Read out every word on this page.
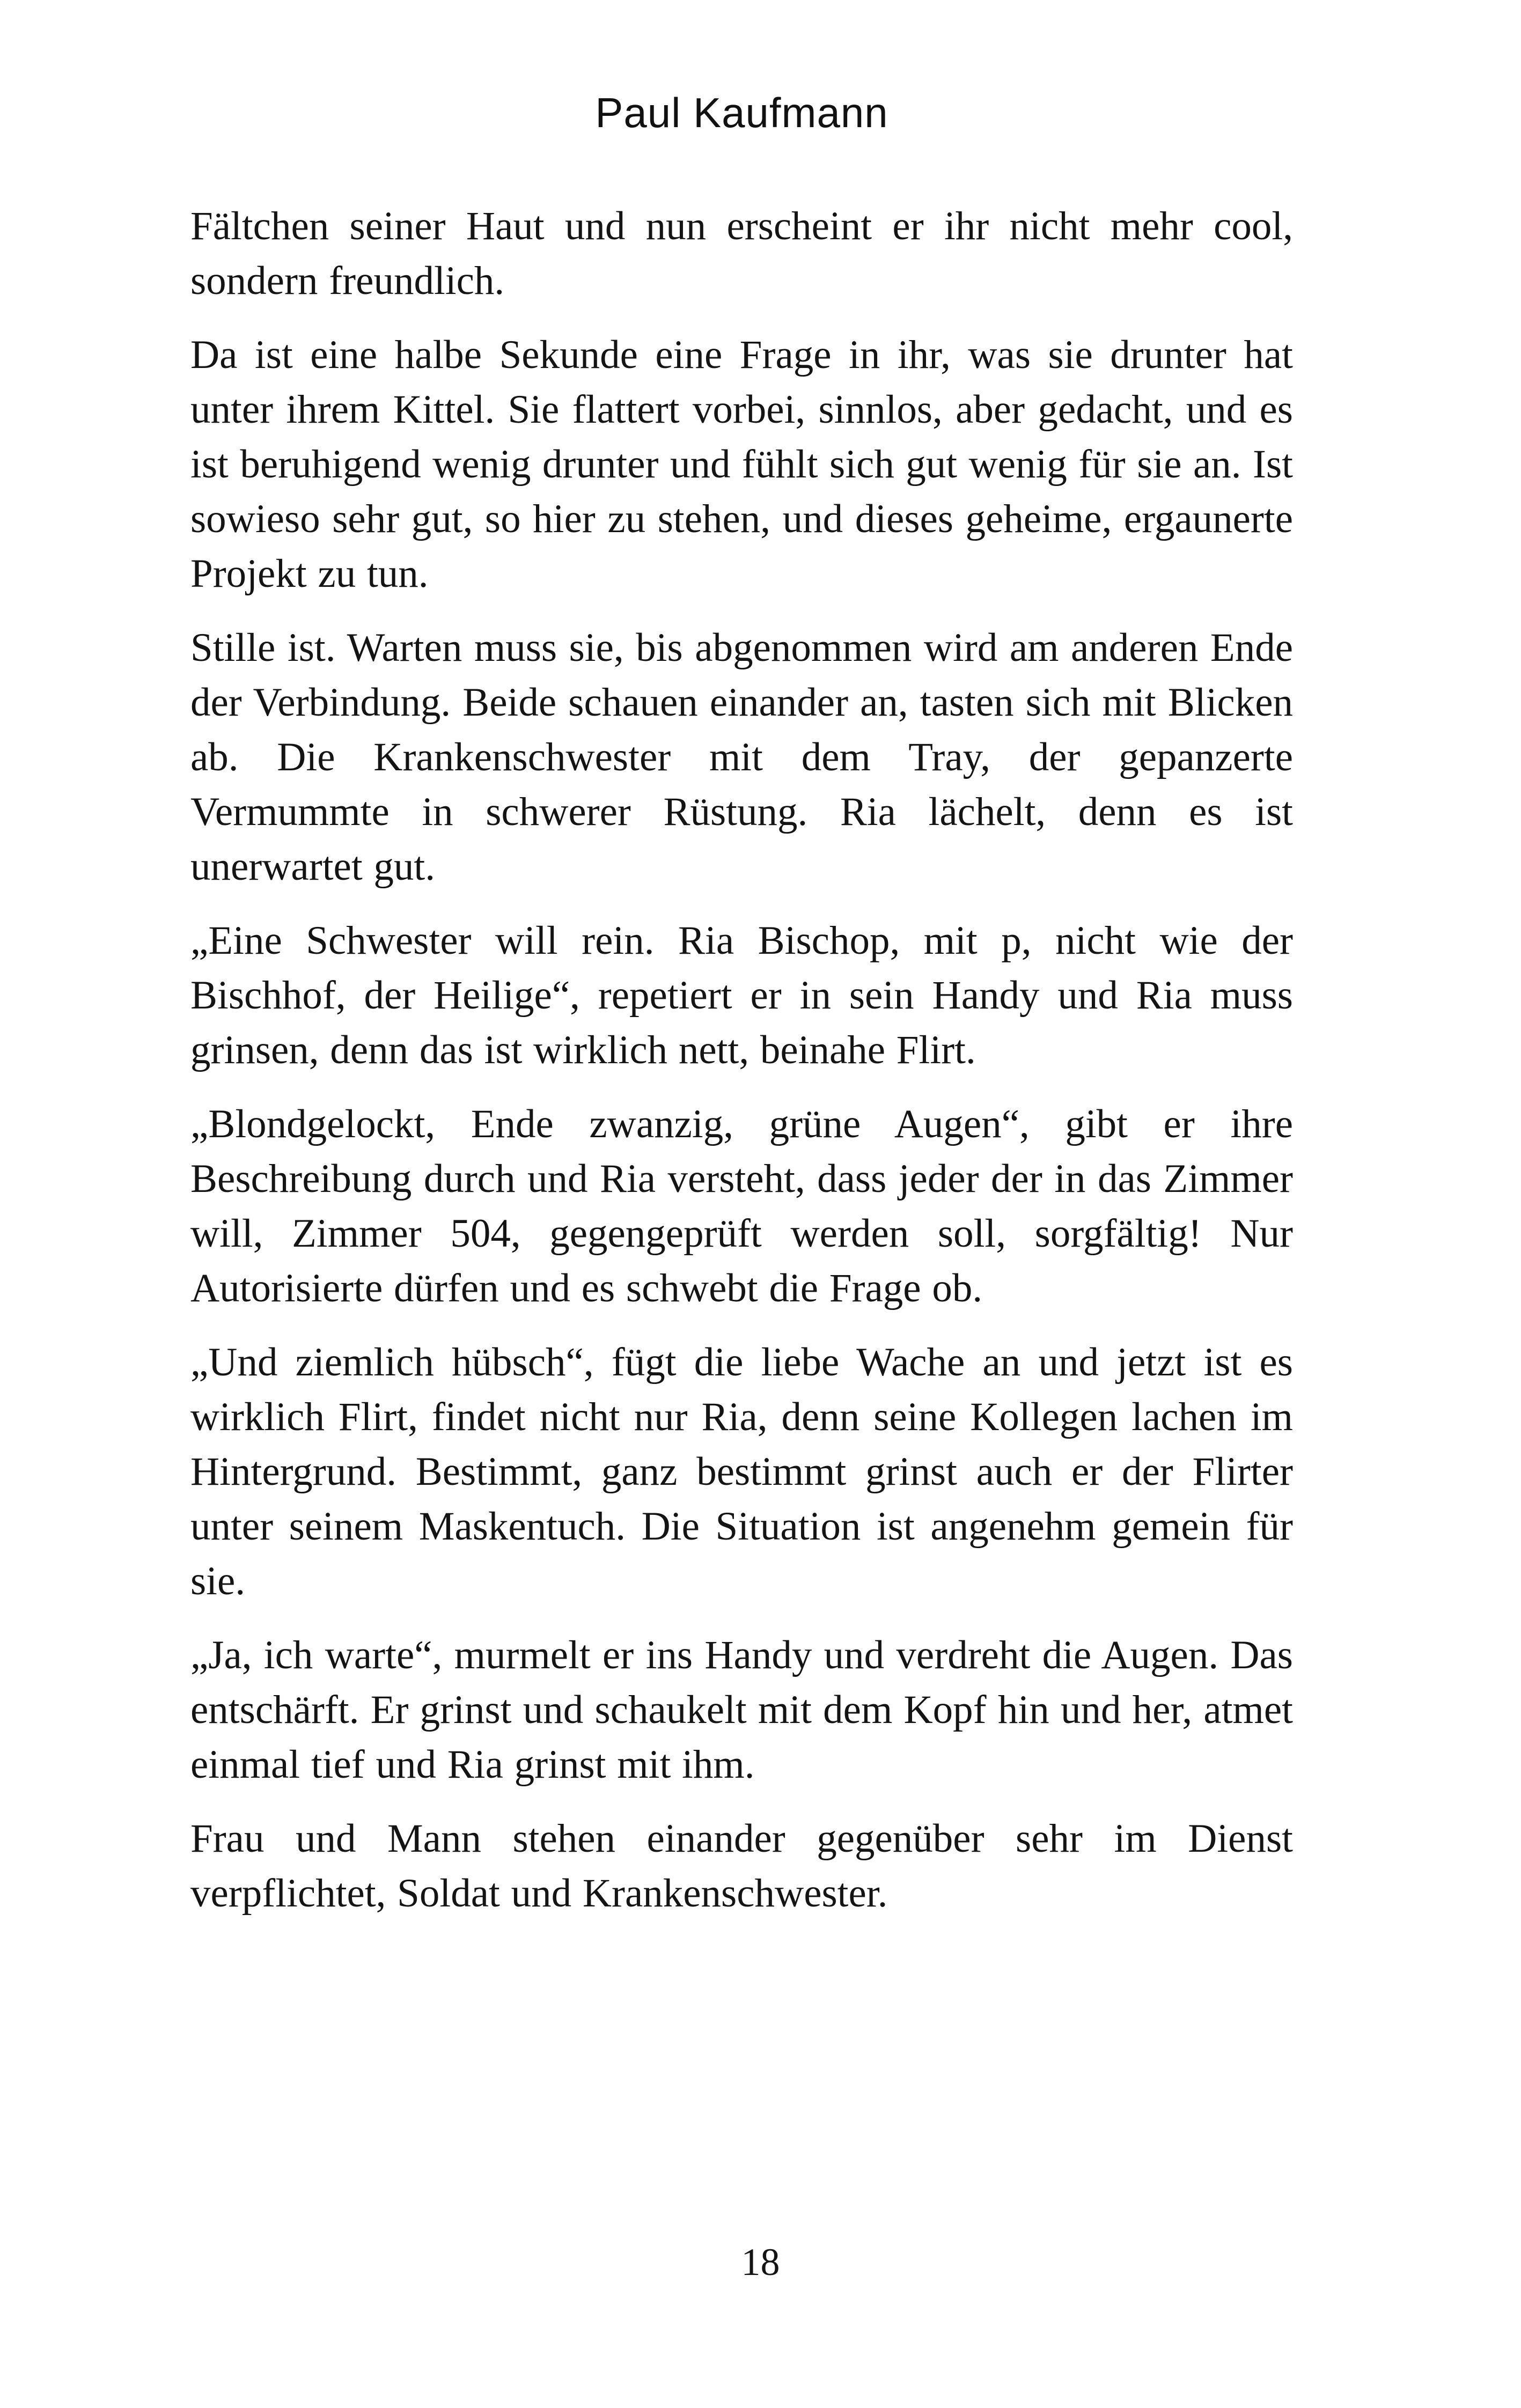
Paul Kaufmann

Fältchen seiner Haut und nun erscheint er ihr nicht mehr cool, sondern freundlich.

Da ist eine halbe Sekunde eine Frage in ihr, was sie drunter hat unter ihrem Kittel. Sie flattert vorbei, sinnlos, aber gedacht, und es ist beruhigend wenig drunter und fühlt sich gut wenig für sie an. Ist sowieso sehr gut, so hier zu stehen, und dieses geheime, ergaunerte Projekt zu tun.

Stille ist. Warten muss sie, bis abgenommen wird am anderen Ende der Verbindung. Beide schauen einander an, tasten sich mit Blicken ab. Die Krankenschwester mit dem Tray, der gepanzerte Vermummte in schwerer Rüstung. Ria lächelt, denn es ist unerwartet gut.

„Eine Schwester will rein. Ria Bischop, mit p, nicht wie der Bischhof, der Heilige“, repetiert er in sein Handy und Ria muss grinsen, denn das ist wirklich nett, beinahe Flirt.

„Blondgelockt, Ende zwanzig, grüne Augen“, gibt er ihre Beschreibung durch und Ria versteht, dass jeder der in das Zimmer will, Zimmer 504, gegengeprüft werden soll, sorgfältig! Nur Autorisierte dürfen und es schwebt die Frage ob.

„Und ziemlich hübsch“, fügt die liebe Wache an und jetzt ist es wirklich Flirt, findet nicht nur Ria, denn seine Kollegen lachen im Hintergrund. Bestimmt, ganz bestimmt grinst auch er der Flirter unter seinem Maskentuch. Die Situation ist angenehm gemein für sie.

„Ja, ich warte“, murmelt er ins Handy und verdreht die Augen. Das entschärft. Er grinst und schaukelt mit dem Kopf hin und her, atmet einmal tief und Ria grinst mit ihm.

Frau und Mann stehen einander gegenüber sehr im Dienst verpflichtet, Soldat und Krankenschwester.

18
